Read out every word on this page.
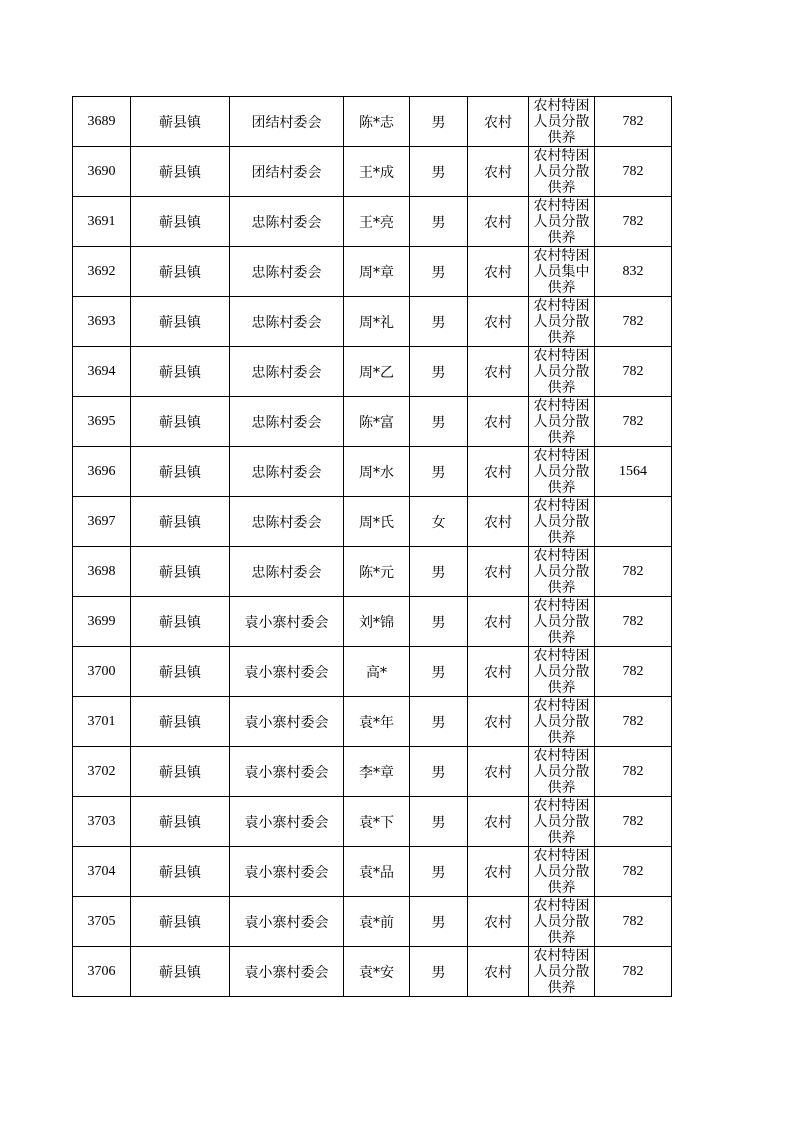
3689	蕲县镇	团结村委会	陈*志	男	农村	农村特困人员分散供养	782
3690	蕲县镇	团结村委会	王*成	男	农村	农村特困人员分散供养	782
3691	蕲县镇	忠陈村委会	王*亮	男	农村	农村特困人员分散供养	782
3692	蕲县镇	忠陈村委会	周*章	男	农村	农村特困人员集中供养	832
3693	蕲县镇	忠陈村委会	周*礼	男	农村	农村特困人员分散供养	782
3694	蕲县镇	忠陈村委会	周*乙	男	农村	农村特困人员分散供养	782
3695	蕲县镇	忠陈村委会	陈*富	男	农村	农村特困人员分散供养	782
3696	蕲县镇	忠陈村委会	周*水	男	农村	农村特困人员分散供养	1564
3697	蕲县镇	忠陈村委会	周*氏	女	农村	农村特困人员分散供养	

3698	蕲县镇	忠陈村委会	陈*元	男	农村	农村特困人员分散供养	782
3699	蕲县镇	袁小寨村委会	刘*锦	男	农村	农村特困人员分散供养	782
3700	蕲县镇	袁小寨村委会	高*	男	农村	农村特困人员分散供养	782
3701	蕲县镇	袁小寨村委会	袁*年	男	农村	农村特困人员分散供养	782
3702	蕲县镇	袁小寨村委会	李*章	男	农村	农村特困人员分散供养	782
3703	蕲县镇	袁小寨村委会	袁*下	男	农村	农村特困人员分散供养	782
3704	蕲县镇	袁小寨村委会	袁*品	男	农村	农村特困人员分散供养	782
3705	蕲县镇	袁小寨村委会	袁*前	男	农村	农村特困人员分散供养	782
3706	蕲县镇	袁小寨村委会	袁*安	男	农村	农村特困人员分散供养	782
